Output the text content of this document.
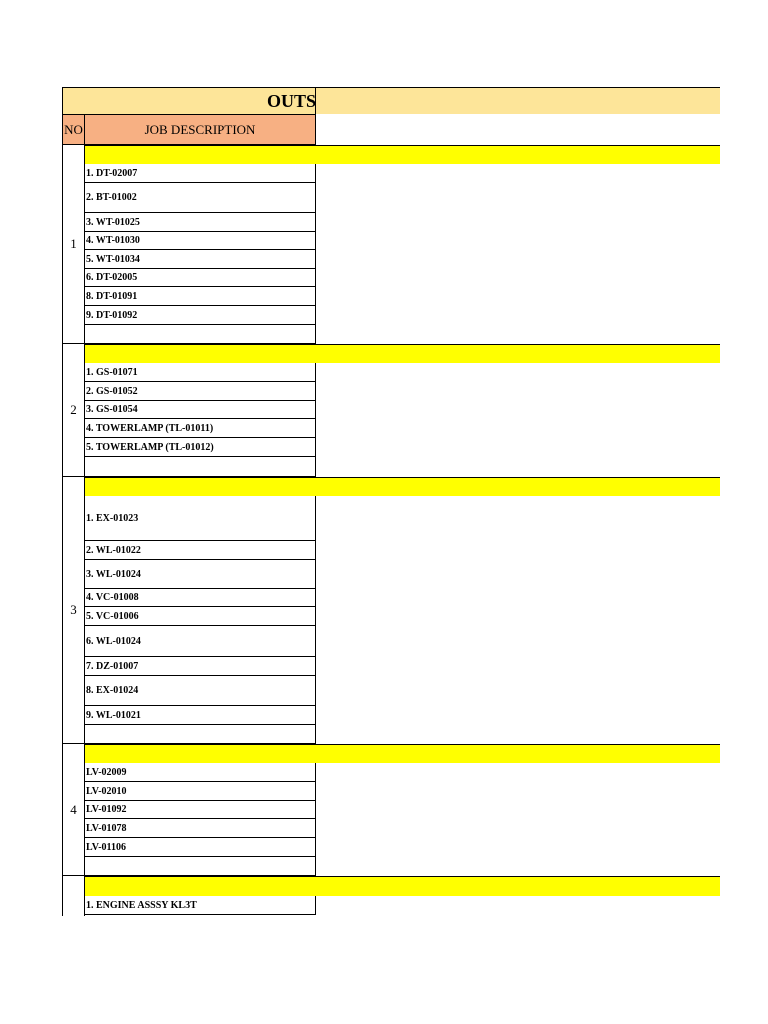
OUTS
NO	JOB DESCRIPTION
1
1. DT-02007
2. BT-01002
3. WT-01025
4. WT-01030
5. WT-01034
6. DT-02005
8. DT-01091
9. DT-01092
2
1. GS-01071
2. GS-01052
3. GS-01054
4. TOWERLAMP (TL-01011)
5. TOWERLAMP (TL-01012)
3
1. EX-01023
2. WL-01022
3. WL-01024
4. VC-01008
5. VC-01006
6. WL-01024
7. DZ-01007
8. EX-01024
9. WL-01021
4
LV-02009
LV-02010
LV-01092
LV-01078
LV-01106
1. ENGINE ASSSY KL3T
